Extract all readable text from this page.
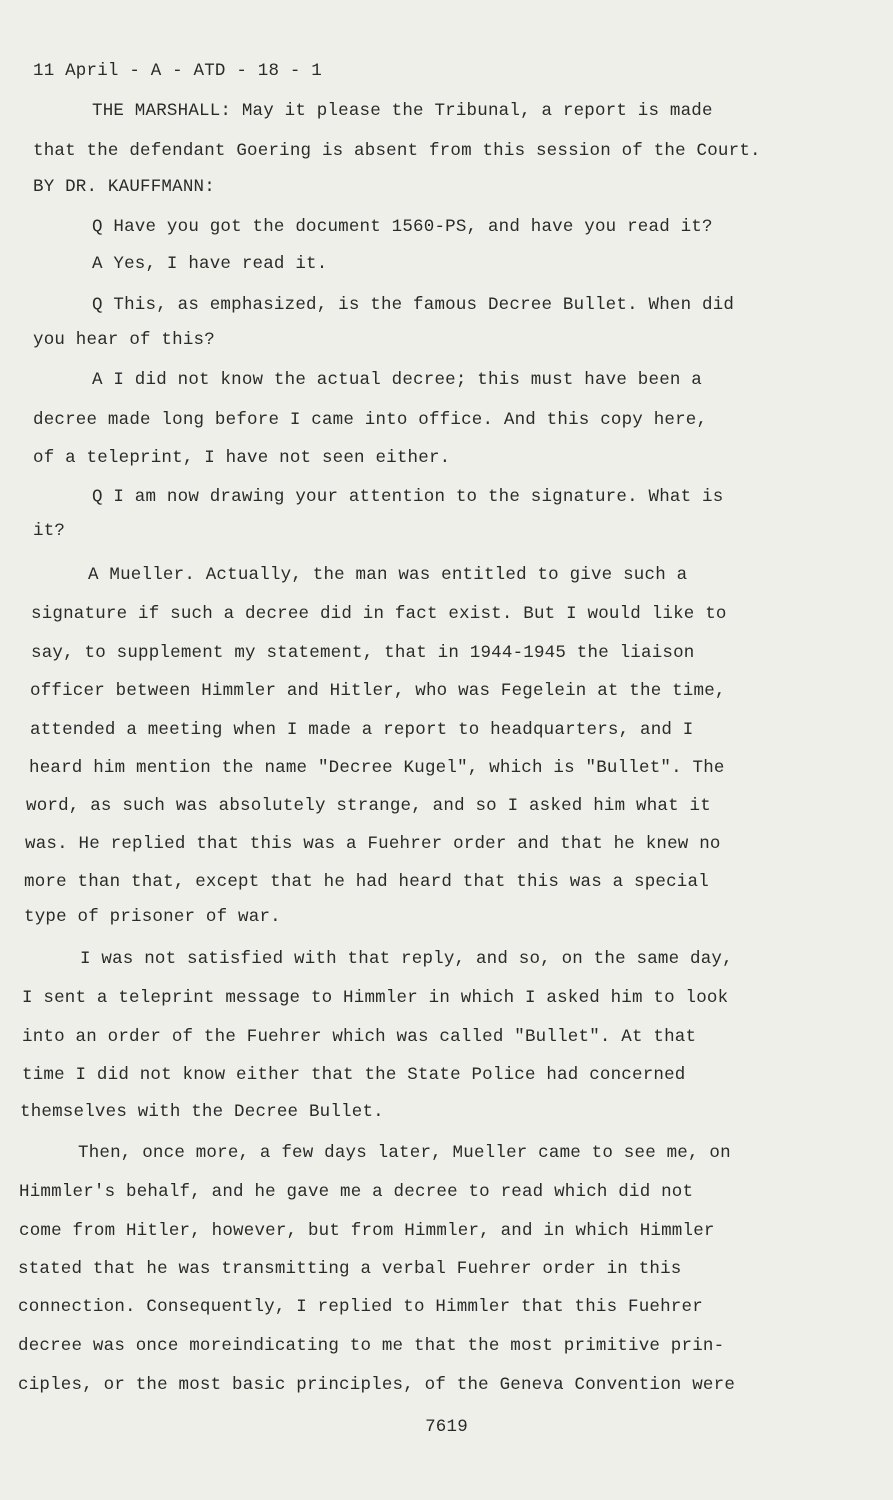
11 April - A - ATD - 18 - 1
THE MARSHALL: May it please the Tribunal, a report is made
that the defendant Goering is absent from this session of the Court.
BY DR. KAUFFMANN:
Q Have you got the document 1560-PS, and have you read it?
A Yes, I have read it.
Q This, as emphasized, is the famous Decree Bullet. When did
you hear of this?
A I did not know the actual decree; this must have been a
decree made long before I came into office. And this copy here,
of a teleprint, I have not seen either.
Q I am now drawing your attention to the signature. What is
it?
A Mueller. Actually, the man was entitled to give such a
signature if such a decree did in fact exist. But I would like to
say, to supplement my statement, that in 1944-1945 the liaison
officer between Himmler and Hitler, who was Fegelein at the time,
attended a meeting when I made a report to headquarters, and I
heard him mention the name "Decree Kugel", which is "Bullet". The
word, as such was absolutely strange, and so I asked him what it
was. He replied that this was a Fuehrer order and that he knew no
more than that, except that he had heard that this was a special
type of prisoner of war.
I was not satisfied with that reply, and so, on the same day,
I sent a teleprint message to Himmler in which I asked him to look
into an order of the Fuehrer which was called "Bullet". At that
time I did not know either that the State Police had concerned
themselves with the Decree Bullet.
Then, once more, a few days later, Mueller came to see me, on
Himmler's behalf, and he gave me a decree to read which did not
come from Hitler, however, but from Himmler, and in which Himmler
stated that he was transmitting a verbal Fuehrer order in this
connection. Consequently, I replied to Himmler that this Fuehrer
decree was once moreindicating to me that the most primitive prin-
ciples, or the most basic principles, of the Geneva Convention were
7619
